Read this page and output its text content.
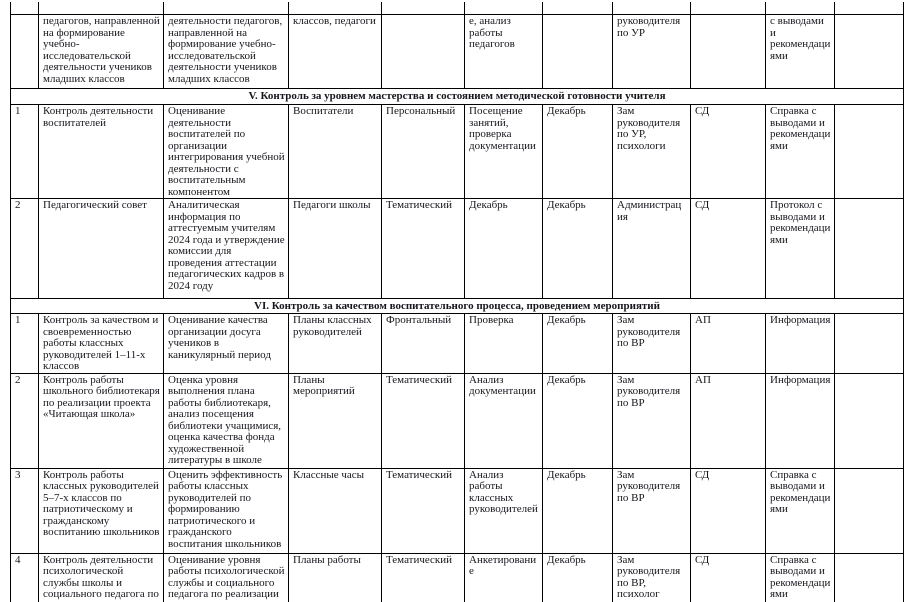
	педагогов, направленной на формирование учебно-исследовательской деятельности учеников младших классов	деятельности педагогов, направленной на формирование учебно-исследовательской деятельности учеников младших классов	классов, педагоги		е, анализ работы педагогов		руководителя по УР		с выводами и рекомендациями	
V. Контроль за уровнем мастерства и состоянием методической готовности учителя										
1	Контроль деятельности воспитателей	Оценивание деятельности воспитателей по организации интегрирования учебной деятельности с воспитательным компонентом	Воспитатели	Персональный	Посещение занятий, проверка документации	Декабрь	Зам руководителя по УР, психологи	СД	Справка с выводами и рекомендациями	
2	Педагогический совет	Аналитическая информация по аттестуемым учителям 2024 года и утверждение комиссии для проведения аттестации педагогических кадров в 2024 году	Педагоги школы	Тематический	Декабрь	Декабрь	Администрация	СД	Протокол с выводами и рекомендациями	
VI. Контроль за качеством воспитательного процесса, проведением мероприятий										
1	Контроль за качеством и своевременностью работы классных руководителей 1–11-х классов	Оценивание качества организации досуга учеников в каникулярный период	Планы классных руководителей	Фронтальный	Проверка	Декабрь	Зам руководителя по ВР	АП	Информация	
2	Контроль работы школьного библиотекаря по реализации проекта «Читающая школа»	Оценка уровня выполнения плана работы библиотекаря, анализ посещения библиотеки учащимися, оценка качества фонда художественной литературы в школе	Планы мероприятий	Тематический	Анализ документации	Декабрь	Зам руководителя по ВР	АП	Информация	
3	Контроль работы классных руководителей 5–7-х классов по патриотическому и гражданскому воспитанию школьников	Оценить эффективность работы классных руководителей по формированию патриотического и гражданского воспитания школьников	Классные часы	Тематический	Анализ работы классных руководителей	Декабрь	Зам руководителя по ВР	СД	Справка с выводами и рекомендациями	
4	Контроль деятельности психологической службы школы и социального педагога по	Оценивание уровня работы психологической службы и социального педагога по реализации	Планы работы	Тематический	Анкетирование	Декабрь	Зам руководителя по ВР, психолог	СД	Справка с выводами и рекомендациями	
